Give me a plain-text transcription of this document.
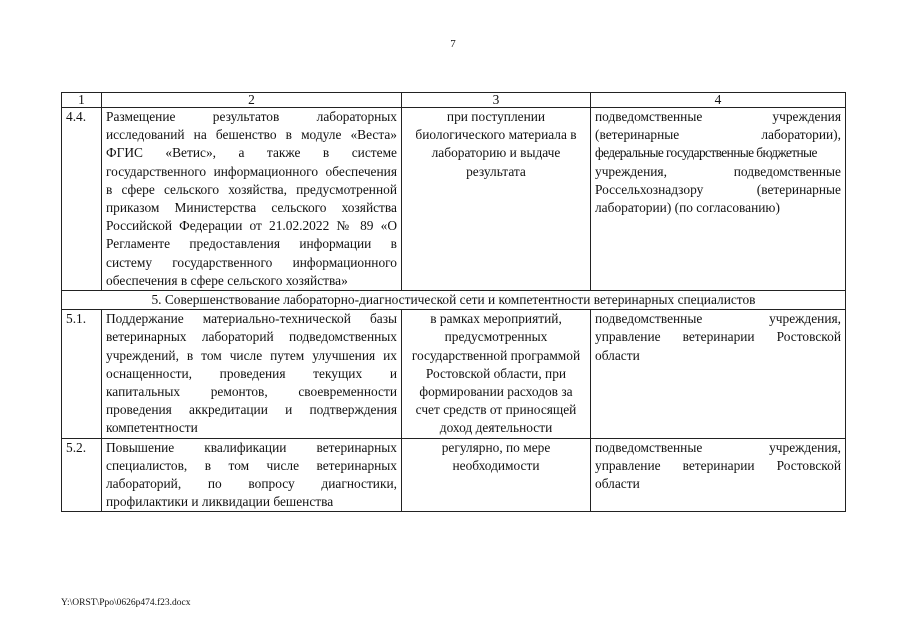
7
1	2	3	4
4.4.	Размещение результатов лабораторных исследований на бешенство в модуле «Веста» ФГИС «Ветис», а также в системе государственного информационного обеспечения в сфере сельского хозяйства, предусмотренной приказом Министерства сельского хозяйства Российской Федерации от 21.02.2022 № 89 «О Регламенте предоставления информации в систему государственного информационного обеспечения в сфере сельского хозяйства»	при поступлении биологического материала в лабораторию и выдаче результата	подведомственные учреждения (ветеринарные лаборатории), федеральные государственные бюджетные учреждения, подведомственные Россельхознадзору (ветеринарные лаборатории) (по согласованию)
5. Совершенствование лабораторно-диагностической сети и компетентности ветеринарных специалистов			
5.1.	Поддержание материально-технической базы ветеринарных лабораторий подведомственных учреждений, в том числе путем улучшения их оснащенности, проведения текущих и капитальных ремонтов, своевременности проведения аккредитации и подтверждения компетентности	в рамках мероприятий, предусмотренных государственной программой Ростовской области, при формировании расходов за счет средств от приносящей доход деятельности	подведомственные учреждения, управление ветеринарии Ростовской области
5.2.	Повышение квалификации ветеринарных специалистов, в том числе ветеринарных лабораторий, по вопросу диагностики, профилактики и ликвидации бешенства	регулярно, по мере необходимости	подведомственные учреждения, управление ветеринарии Ростовской области
Y:\ORST\Ppo\0626p474.f23.docx
